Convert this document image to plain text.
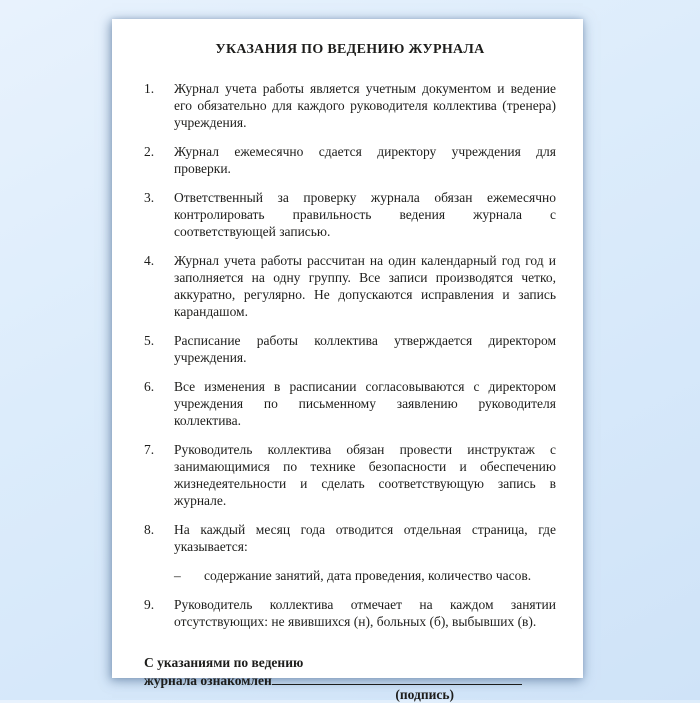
УКАЗАНИЯ ПО ВЕДЕНИЮ ЖУРНАЛА
1.	Журнал учета работы является учетным документом и ведение его обязательно для каждого руководителя коллектива (тренера) учреждения.
2.	Журнал ежемесячно сдается директору учреждения для проверки.
3.	Ответственный за проверку журнала обязан ежемесячно контролировать правильность ведения журнала с соответствующей записью.
4.	Журнал учета работы рассчитан на один календарный год год и заполняется на одну группу. Все записи производятся четко, аккуратно, регулярно. Не допускаются исправления и запись карандашом.
5.	Расписание работы коллектива утверждается директором учреждения.
6.	Все изменения в расписании согласовываются с директором учреждения по письменному заявлению руководителя коллектива.
7.	Руководитель коллектива обязан провести инструктаж с занимающимися по технике безопасности и обеспечению жизнедеятельности и сделать соответствующую запись в журнале.
8.	На каждый месяц года отводится отдельная страница, где указывается:
–	содержание занятий, дата проведения, количество часов.
9.	Руководитель коллектива отмечает на каждом занятии отсутствующих: не явившихся (н), больных (б), выбывших (в).
С указаниями по ведению
журнала ознакомлен
(подпись)
